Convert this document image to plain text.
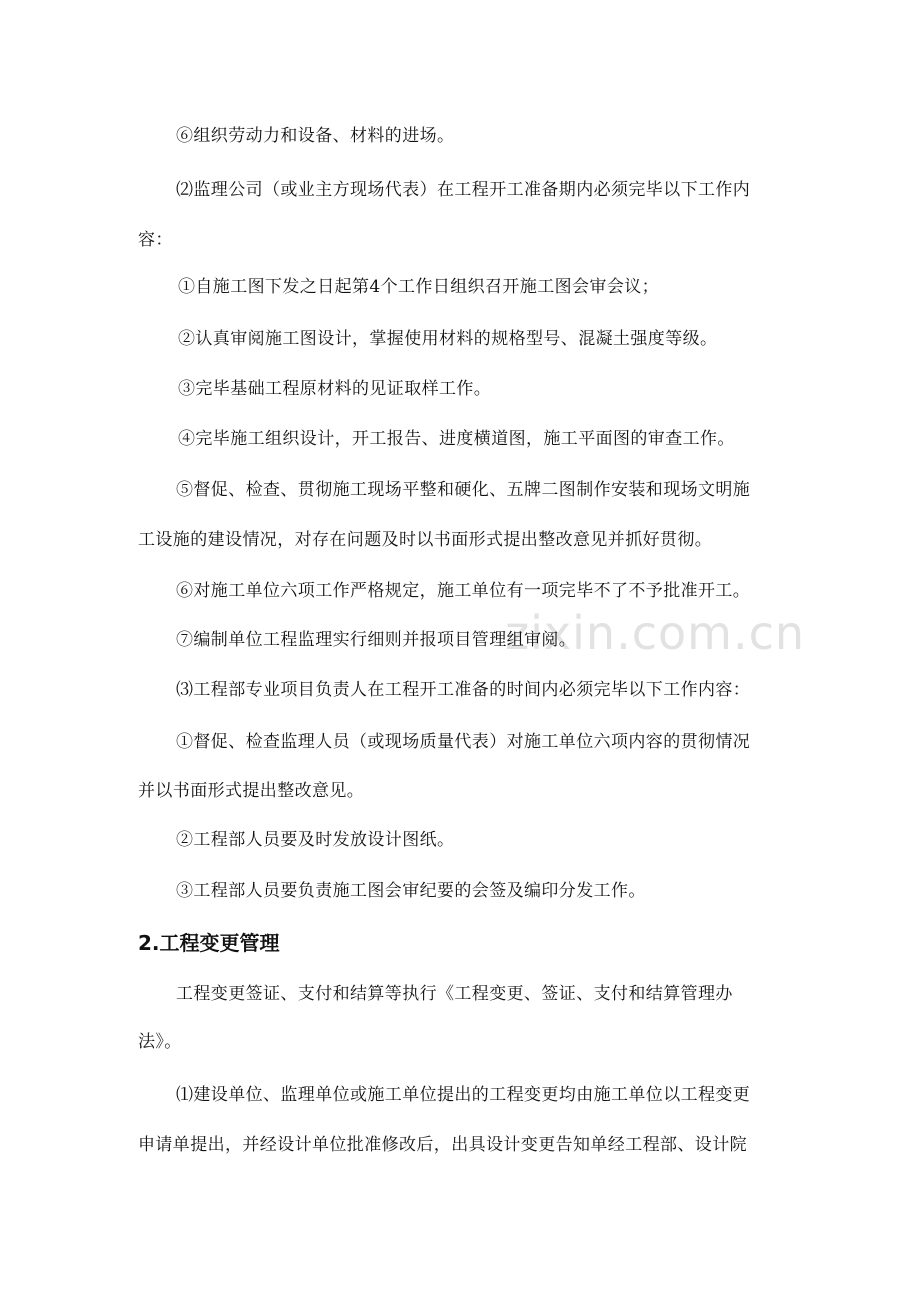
zixin.com.cn
⑥组织劳动力和设备、材料的进场。
⑵监理公司（或业主方现场代表）在工程开工准备期内必须完毕以下工作内
容：
①自施工图下发之日起第4个工作日组织召开施工图会审会议；
②认真审阅施工图设计，掌握使用材料的规格型号、混凝土强度等级。
③完毕基础工程原材料的见证取样工作。
④完毕施工组织设计，开工报告、进度横道图，施工平面图的审查工作。
⑤督促、检查、贯彻施工现场平整和硬化、五牌二图制作安装和现场文明施
工设施的建设情况，对存在问题及时以书面形式提出整改意见并抓好贯彻。
⑥对施工单位六项工作严格规定，施工单位有一项完毕不了不予批准开工。
⑦编制单位工程监理实行细则并报项目管理组审阅。
⑶工程部专业项目负责人在工程开工准备的时间内必须完毕以下工作内容：
①督促、检查监理人员（或现场质量代表）对施工单位六项内容的贯彻情况
并以书面形式提出整改意见。
②工程部人员要及时发放设计图纸。
③工程部人员要负责施工图会审纪要的会签及编印分发工作。
2.工程变更管理
工程变更签证、支付和结算等执行《工程变更、签证、支付和结算管理办
法》。
⑴建设单位、监理单位或施工单位提出的工程变更均由施工单位以工程变更
申请单提出，并经设计单位批准修改后，出具设计变更告知单经工程部、设计院
